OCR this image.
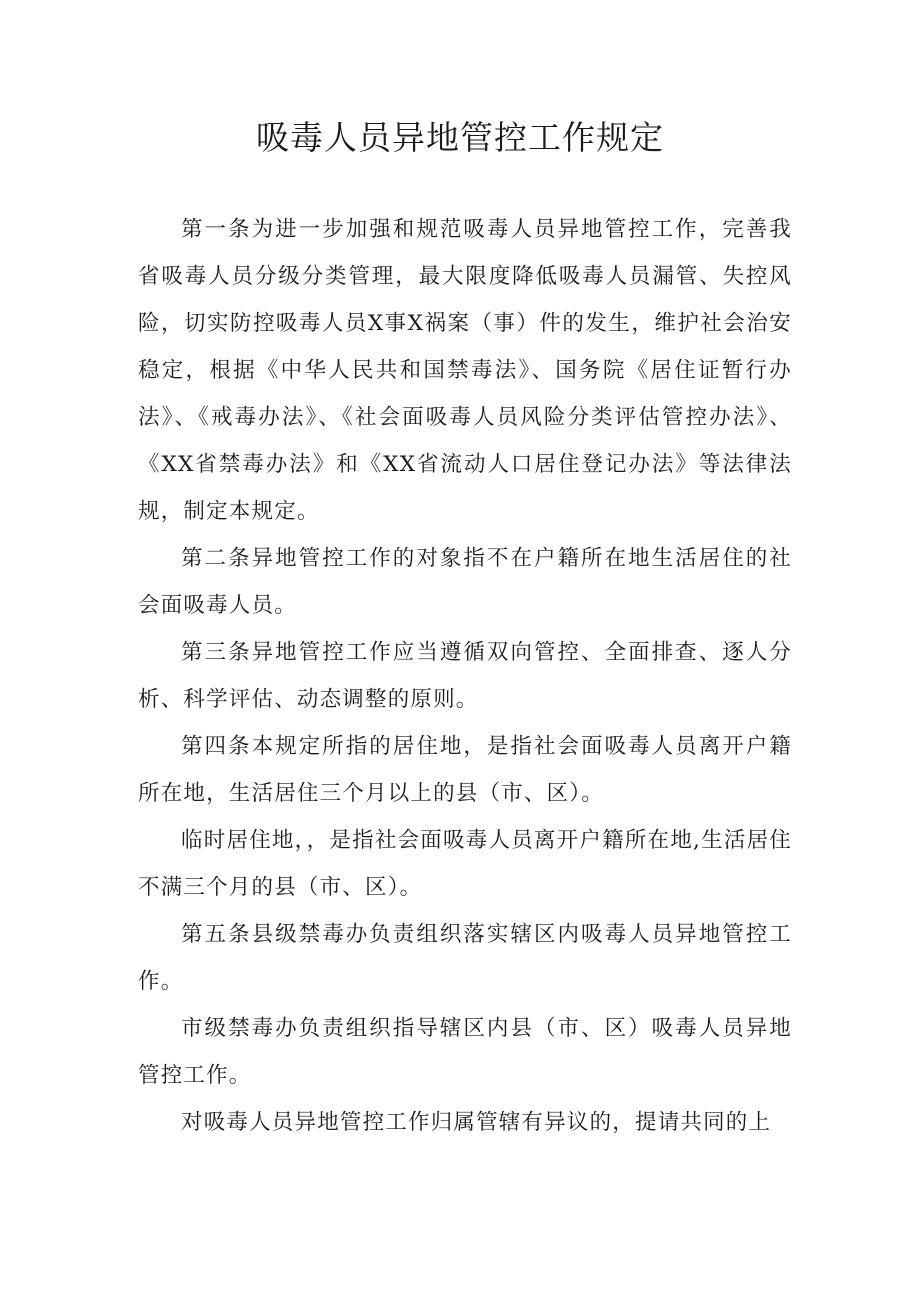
吸毒人员异地管控工作规定

第一条为进一步加强和规范吸毒人员异地管控工作，完善我省吸毒人员分级分类管理，最大限度降低吸毒人员漏管、失控风险，切实防控吸毒人员X事X祸案（事）件的发生，维护社会治安稳定，根据《中华人民共和国禁毒法》、国务院《居住证暂行办法》、《戒毒办法》、《社会面吸毒人员风险分类评估管控办法》、《XX省禁毒办法》和《XX省流动人口居住登记办法》等法律法规，制定本规定。

第二条异地管控工作的对象指不在户籍所在地生活居住的社会面吸毒人员。

第三条异地管控工作应当遵循双向管控、全面排查、逐人分析、科学评估、动态调整的原则。

第四条本规定所指的居住地，是指社会面吸毒人员离开户籍所在地，生活居住三个月以上的县（市、区）。

临时居住地，，是指社会面吸毒人员离开户籍所在地,生活居住不满三个月的县（市、区）。

第五条县级禁毒办负责组织落实辖区内吸毒人员异地管控工作。

市级禁毒办负责组织指导辖区内县（市、区）吸毒人员异地管控工作。

对吸毒人员异地管控工作归属管辖有异议的，提请共同的上
